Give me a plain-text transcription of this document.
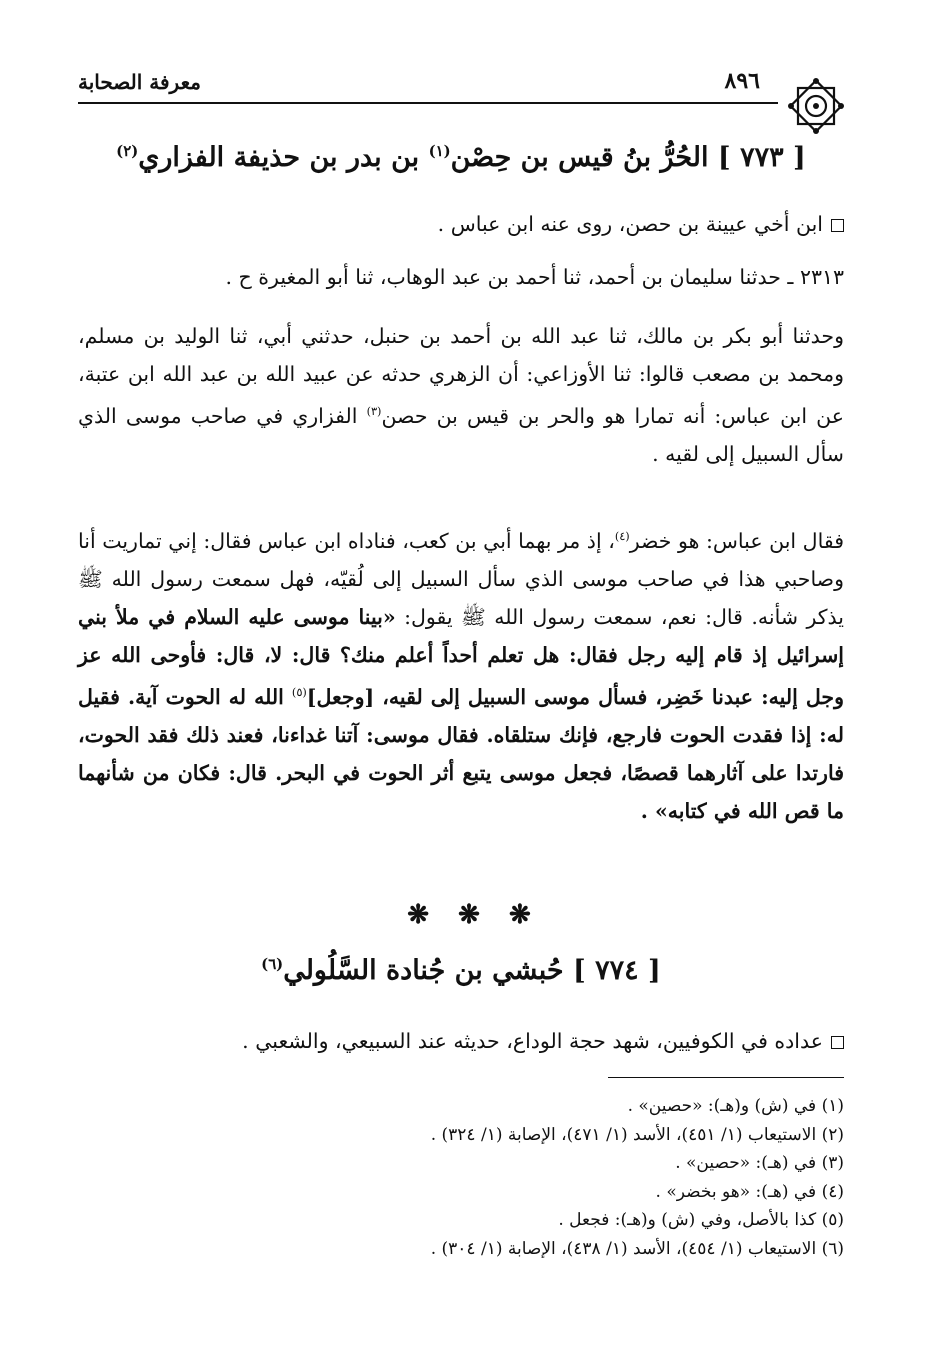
معرفة الصحابة	٨٩٦
[ ٧٧٣ ] الحُرُّ بنُ قيس بن حِصْن$^{(١)}$ بن بدر بن حذيفة الفزاري$^{(٢)}$

ابن أخي عيينة بن حصن، روى عنه ابن عباس .

٢٣١٣ ـ حدثنا سليمان بن أحمد، ثنا أحمد بن عبد الوهاب، ثنا أبو المغيرة ح .

وحدثنا أبو بكر بن مالك، ثنا عبد الله بن أحمد بن حنبل، حدثني أبي، ثنا الوليد بن مسلم، ومحمد بن مصعب قالوا: ثنا الأوزاعي: أن الزهري حدثه عن عبيد الله بن عبد الله ابن عتبة، عن ابن عباس: أنه تمارا هو والحر بن قيس بن حصن$^{(٣)}$ الفزاري في صاحب موسى الذي سأل السبيل إلى لقيه .

فقال ابن عباس: هو خضر$^{(٤)}$، إذ مر بهما أبي بن كعب، فناداه ابن عباس فقال: إني تماريت أنا وصاحبي هذا في صاحب موسى الذي سأل السبيل إلى لُقيّه، فهل سمعت رسول الله ﷺ يذكر شأنه. قال: نعم، سمعت رسول الله ﷺ يقول: «بينا موسى عليه السلام في ملأ بني إسرائيل إذ قام إليه رجل فقال: هل تعلم أحداً أعلم منك؟ قال: لا، قال: فأوحى الله عز وجل إليه: عبدنا خَضِر، فسأل موسى السبيل إلى لقيه، [وجعل]$^{(٥)}$ الله له الحوت آية. فقيل له: إذا فقدت الحوت فارجع، فإنك ستلقاه. فقال موسى: آتنا غداءنا، فعند ذلك فقد الحوت، فارتدا على آثارهما قصصًا، فجعل موسى يتبع أثر الحوت في البحر. قال: فكان من شأنهما ما قص الله في كتابه» .

❋ ❋ ❋
[ ٧٧٤ ] حُبشي بن جُنادة السَّلُولي$^{(٦)}$

عداده في الكوفيين، شهد حجة الوداع، حديثه عند السبيعي، والشعبي .

(١) في (ش) و(هـ): «حصين» .
(٢) الاستيعاب (١/ ٤٥١)، الأسد (١/ ٤٧١)، الإصابة (١/ ٣٢٤) .
(٣) في (هـ): «حصين» .
(٤) في (هـ): «هو بخضر» .
(٥) كذا بالأصل، وفي (ش) و(هـ): فجعل .
(٦) الاستيعاب (١/ ٤٥٤)، الأسد (١/ ٤٣٨)، الإصابة (١/ ٣٠٤) .
